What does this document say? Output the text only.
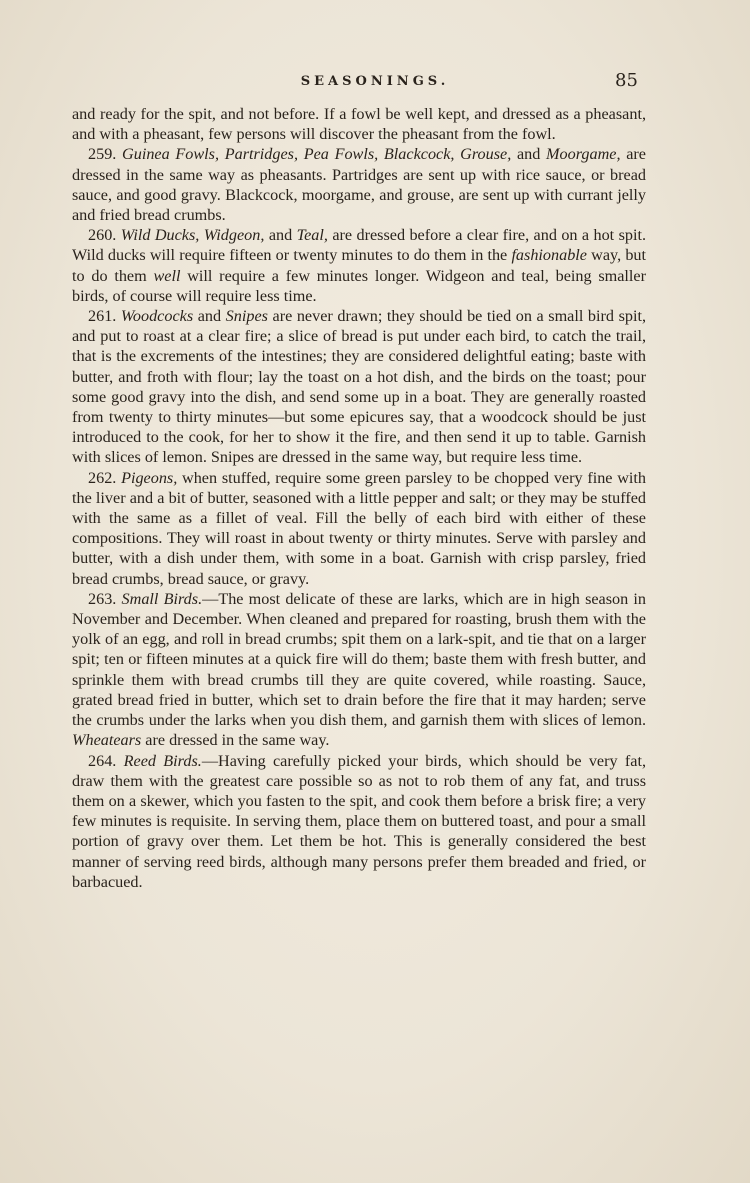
SEASONINGS.	85

and ready for the spit, and not before. If a fowl be well kept, and dressed as a pheasant, and with a pheasant, few persons will discover the pheasant from the fowl.

259. Guinea Fowls, Partridges, Pea Fowls, Blackcock, Grouse, and Moorgame, are dressed in the same way as pheasants. Partridges are sent up with rice sauce, or bread sauce, and good gravy. Blackcock, moorgame, and grouse, are sent up with currant jelly and fried bread crumbs.

260. Wild Ducks, Widgeon, and Teal, are dressed before a clear fire, and on a hot spit. Wild ducks will require fifteen or twenty minutes to do them in the fashionable way, but to do them well will require a few minutes longer. Widgeon and teal, being smaller birds, of course will require less time.

261. Woodcocks and Snipes are never drawn; they should be tied on a small bird spit, and put to roast at a clear fire; a slice of bread is put under each bird, to catch the trail, that is the excrements of the intestines; they are considered delightful eating; baste with butter, and froth with flour; lay the toast on a hot dish, and the birds on the toast; pour some good gravy into the dish, and send some up in a boat. They are generally roasted from twenty to thirty minutes—but some epicures say, that a woodcock should be just introduced to the cook, for her to show it the fire, and then send it up to table. Garnish with slices of lemon. Snipes are dressed in the same way, but require less time.

262. Pigeons, when stuffed, require some green parsley to be chopped very fine with the liver and a bit of butter, seasoned with a little pepper and salt; or they may be stuffed with the same as a fillet of veal. Fill the belly of each bird with either of these compositions. They will roast in about twenty or thirty minutes. Serve with parsley and butter, with a dish under them, with some in a boat. Garnish with crisp parsley, fried bread crumbs, bread sauce, or gravy.

263. Small Birds.—The most delicate of these are larks, which are in high season in November and December. When cleaned and prepared for roasting, brush them with the yolk of an egg, and roll in bread crumbs; spit them on a lark-spit, and tie that on a larger spit; ten or fifteen minutes at a quick fire will do them; baste them with fresh butter, and sprinkle them with bread crumbs till they are quite covered, while roasting. Sauce, grated bread fried in butter, which set to drain before the fire that it may harden; serve the crumbs under the larks when you dish them, and garnish them with slices of lemon. Wheatears are dressed in the same way.

264. Reed Birds.—Having carefully picked your birds, which should be very fat, draw them with the greatest care possible so as not to rob them of any fat, and truss them on a skewer, which you fasten to the spit, and cook them before a brisk fire; a very few minutes is requisite. In serving them, place them on buttered toast, and pour a small portion of gravy over them. Let them be hot. This is generally considered the best manner of serving reed birds, although many persons prefer them breaded and fried, or barbacued.
